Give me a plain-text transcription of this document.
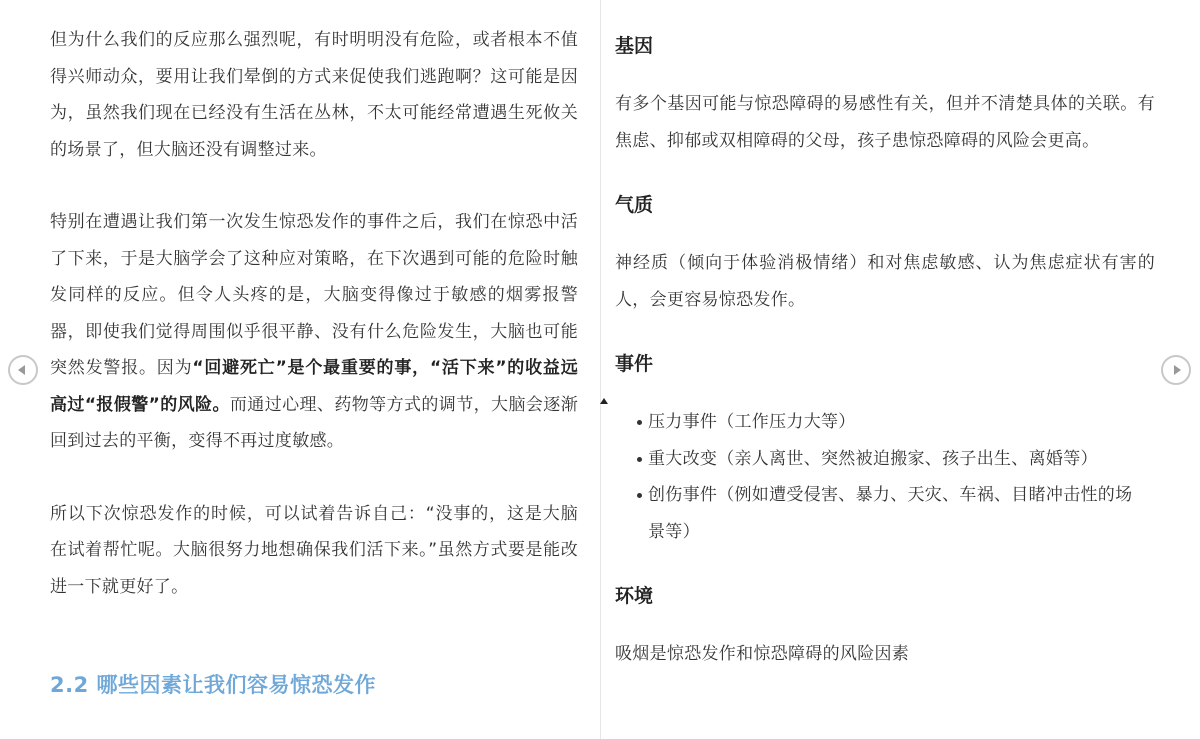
但为什么我们的反应那么强烈呢，有时明明没有危险，或者根本不值得兴师动众，要用让我们晕倒的方式来促使我们逃跑啊？这可能是因为，虽然我们现在已经没有生活在丛林，不太可能经常遭遇生死攸关的场景了，但大脑还没有调整过来。

特别在遭遇让我们第一次发生惊恐发作的事件之后，我们在惊恐中活了下来，于是大脑学会了这种应对策略，在下次遇到可能的危险时触发同样的反应。但令人头疼的是，大脑变得像过于敏感的烟雾报警器，即使我们觉得周围似乎很平静、没有什么危险发生，大脑也可能突然发警报。因为“回避死亡”是个最重要的事，“活下来”的收益远高过“报假警”的风险。而通过心理、药物等方式的调节，大脑会逐渐回到过去的平衡，变得不再过度敏感。

所以下次惊恐发作的时候，可以试着告诉自己：“没事的，这是大脑在试着帮忙呢。大脑很努力地想确保我们活下来。”虽然方式要是能改进一下就更好了。

2.2 哪些因素让我们容易惊恐发作
基因

有多个基因可能与惊恐障碍的易感性有关，但并不清楚具体的关联。有焦虑、抑郁或双相障碍的父母，孩子患惊恐障碍的风险会更高。

气质

神经质（倾向于体验消极情绪）和对焦虑敏感、认为焦虑症状有害的人，会更容易惊恐发作。

事件
压力事件（工作压力大等）
重大改变（亲人离世、突然被迫搬家、孩子出生、离婚等）
创伤事件（例如遭受侵害、暴力、天灾、车祸、目睹冲击性的场景等）
环境

吸烟是惊恐发作和惊恐障碍的风险因素
